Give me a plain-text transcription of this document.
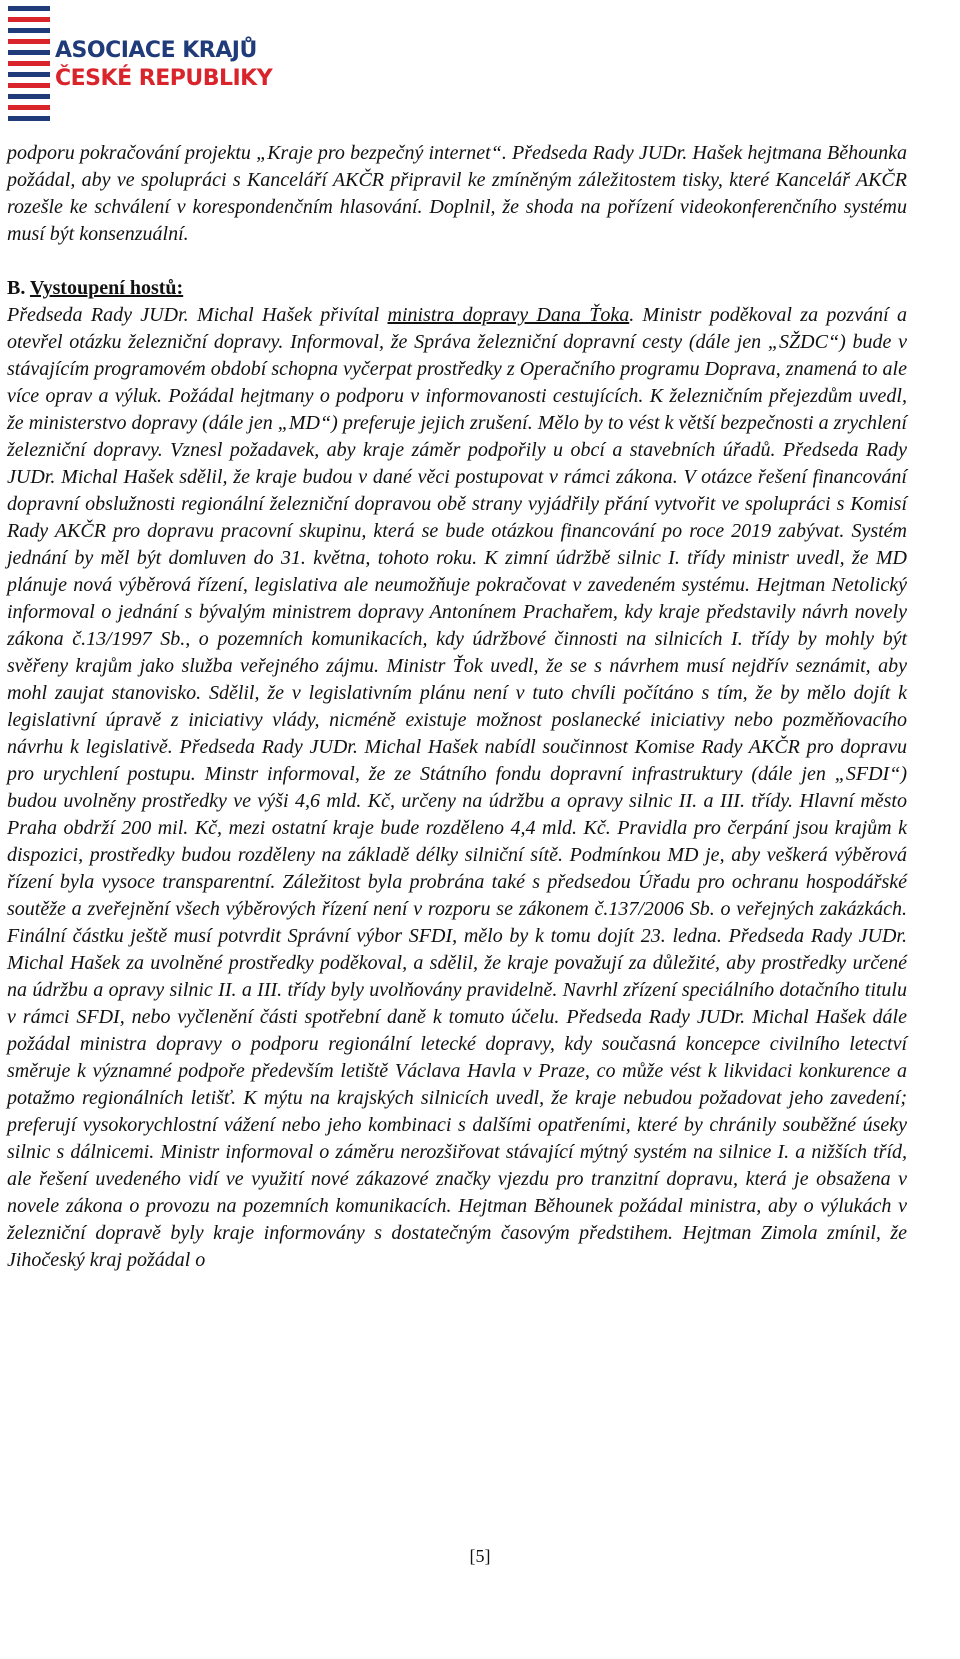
ASOCIACE KRAJŮ
ČESKÉ REPUBLIKY

podporu pokračování projektu „Kraje pro bezpečný internet“. Předseda Rady JUDr. Hašek hejtmana Běhounka požádal, aby ve spolupráci s Kanceláří AKČR připravil ke zmíněným záležitostem tisky, které Kancelář AKČR rozešle ke schválení v korespondenčním hlasování. Doplnil, že shoda na pořízení videokonferenčního systému musí být konsenzuální.

B. Vystoupení hostů:

Předseda Rady JUDr. Michal Hašek přivítal ministra dopravy Dana Ťoka. Ministr poděkoval za pozvání a otevřel otázku železniční dopravy. Informoval, že Správa železniční dopravní cesty (dále jen „SŽDC“) bude v stávajícím programovém období schopna vyčerpat prostředky z Operačního programu Doprava, znamená to ale více oprav a výluk. Požádal hejtmany o podporu v informovanosti cestujících. K železničním přejezdům uvedl, že ministerstvo dopravy (dále jen „MD“) preferuje jejich zrušení. Mělo by to vést k větší bezpečnosti a zrychlení železniční dopravy. Vznesl požadavek, aby kraje záměr podpořily u obcí a stavebních úřadů. Předseda Rady JUDr. Michal Hašek sdělil, že kraje budou v dané věci postupovat v rámci zákona. V otázce řešení financování dopravní obslužnosti regionální železniční dopravou obě strany vyjádřily přání vytvořit ve spolupráci s Komisí Rady AKČR pro dopravu pracovní skupinu, která se bude otázkou financování po roce 2019 zabývat. Systém jednání by měl být domluven do 31. května, tohoto roku. K zimní údržbě silnic I. třídy ministr uvedl, že MD plánuje nová výběrová řízení, legislativa ale neumožňuje pokračovat v zavedeném systému. Hejtman Netolický informoval o jednání s bývalým ministrem dopravy Antonínem Prachařem, kdy kraje představily návrh novely zákona č.13/1997 Sb., o pozemních komunikacích, kdy údržbové činnosti na silnicích I. třídy by mohly být svěřeny krajům jako služba veřejného zájmu. Ministr Ťok uvedl, že se s návrhem musí nejdřív seznámit, aby mohl zaujat stanovisko. Sdělil, že v legislativním plánu není v tuto chvíli počítáno s tím, že by mělo dojít k legislativní úpravě z iniciativy vlády, nicméně existuje možnost poslanecké iniciativy nebo pozměňovacího návrhu k legislativě. Předseda Rady JUDr. Michal Hašek nabídl součinnost Komise Rady AKČR pro dopravu pro urychlení postupu. Minstr informoval, že ze Státního fondu dopravní infrastruktury (dále jen „SFDI“) budou uvolněny prostředky ve výši 4,6 mld. Kč, určeny na údržbu a opravy silnic II. a III. třídy. Hlavní město Praha obdrží 200 mil. Kč, mezi ostatní kraje bude rozděleno 4,4 mld. Kč. Pravidla pro čerpání jsou krajům k dispozici, prostředky budou rozděleny na základě délky silniční sítě. Podmínkou MD je, aby veškerá výběrová řízení byla vysoce transparentní. Záležitost byla probrána také s předsedou Úřadu pro ochranu hospodářské soutěže a zveřejnění všech výběrových řízení není v rozporu se zákonem č.137/2006 Sb. o veřejných zakázkách. Finální částku ještě musí potvrdit Správní výbor SFDI, mělo by k tomu dojít 23. ledna. Předseda Rady JUDr. Michal Hašek za uvolněné prostředky poděkoval, a sdělil, že kraje považují za důležité, aby prostředky určené na údržbu a opravy silnic II. a III. třídy byly uvolňovány pravidelně. Navrhl zřízení speciálního dotačního titulu v rámci SFDI, nebo vyčlenění části spotřební daně k tomuto účelu. Předseda Rady JUDr. Michal Hašek dále požádal ministra dopravy o podporu regionální letecké dopravy, kdy současná koncepce civilního letectví směruje k významné podpoře především letiště Václava Havla v Praze, co může vést k likvidaci konkurence a potažmo regionálních letišť. K mýtu na krajských silnicích uvedl, že kraje nebudou požadovat jeho zavedení; preferují vysokorychlostní vážení nebo jeho kombinaci s dalšími opatřeními, které by chránily souběžné úseky silnic s dálnicemi. Ministr informoval o záměru nerozšiřovat stávající mýtný systém na silnice I. a nižších tříd, ale řešení uvedeného vidí ve využití nové zákazové značky vjezdu pro tranzitní dopravu, která je obsažena v novele zákona o provozu na pozemních komunikacích. Hejtman Běhounek požádal ministra, aby o výlukách v železniční dopravě byly kraje informovány s dostatečným časovým předstihem. Hejtman Zimola zmínil, že Jihočeský kraj požádal o

[5]
